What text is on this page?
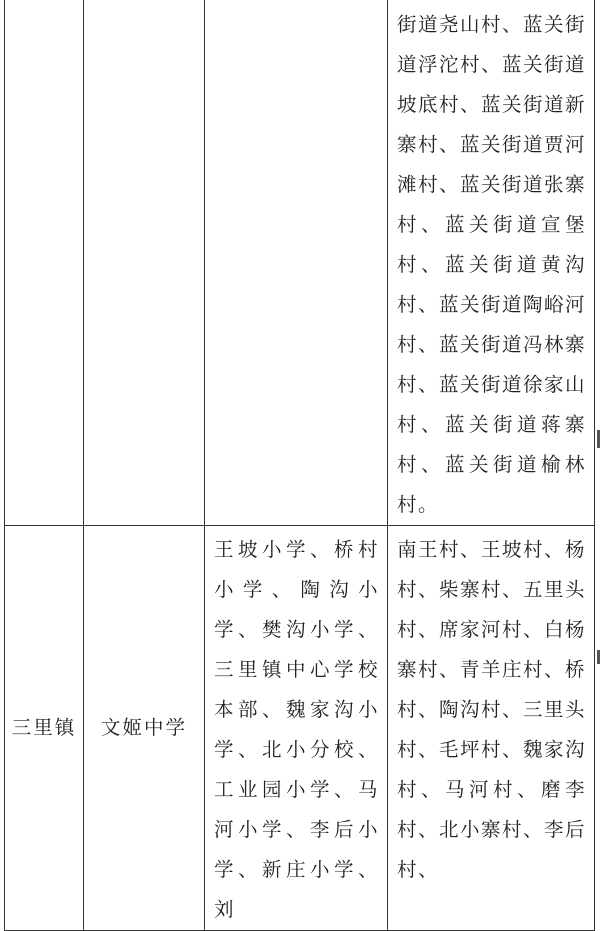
			街道尧山村、蓝关街道浮沱村、蓝关街道坡底村、蓝关街道新寨村、蓝关街道贾河滩村、蓝关街道张寨村、蓝关街道宣堡村、蓝关街道黄沟村、蓝关街道陶峪河村、蓝关街道冯林寨村、蓝关街道徐家山村、蓝关街道蒋寨村、蓝关街道榆林村。

三里镇	文姬中学	王坡小学、桥村小学、陶沟小学、樊沟小学、三里镇中心学校本部、魏家沟小学、北小分校、工业园小学、马河小学、李后小学、新庄小学、刘	南王村、王坡村、杨村、柴寨村、五里头村、席家河村、白杨寨村、青羊庄村、桥村、陶沟村、三里头村、毛坪村、魏家沟村、马河村、磨李村、北小寨村、李后村、
